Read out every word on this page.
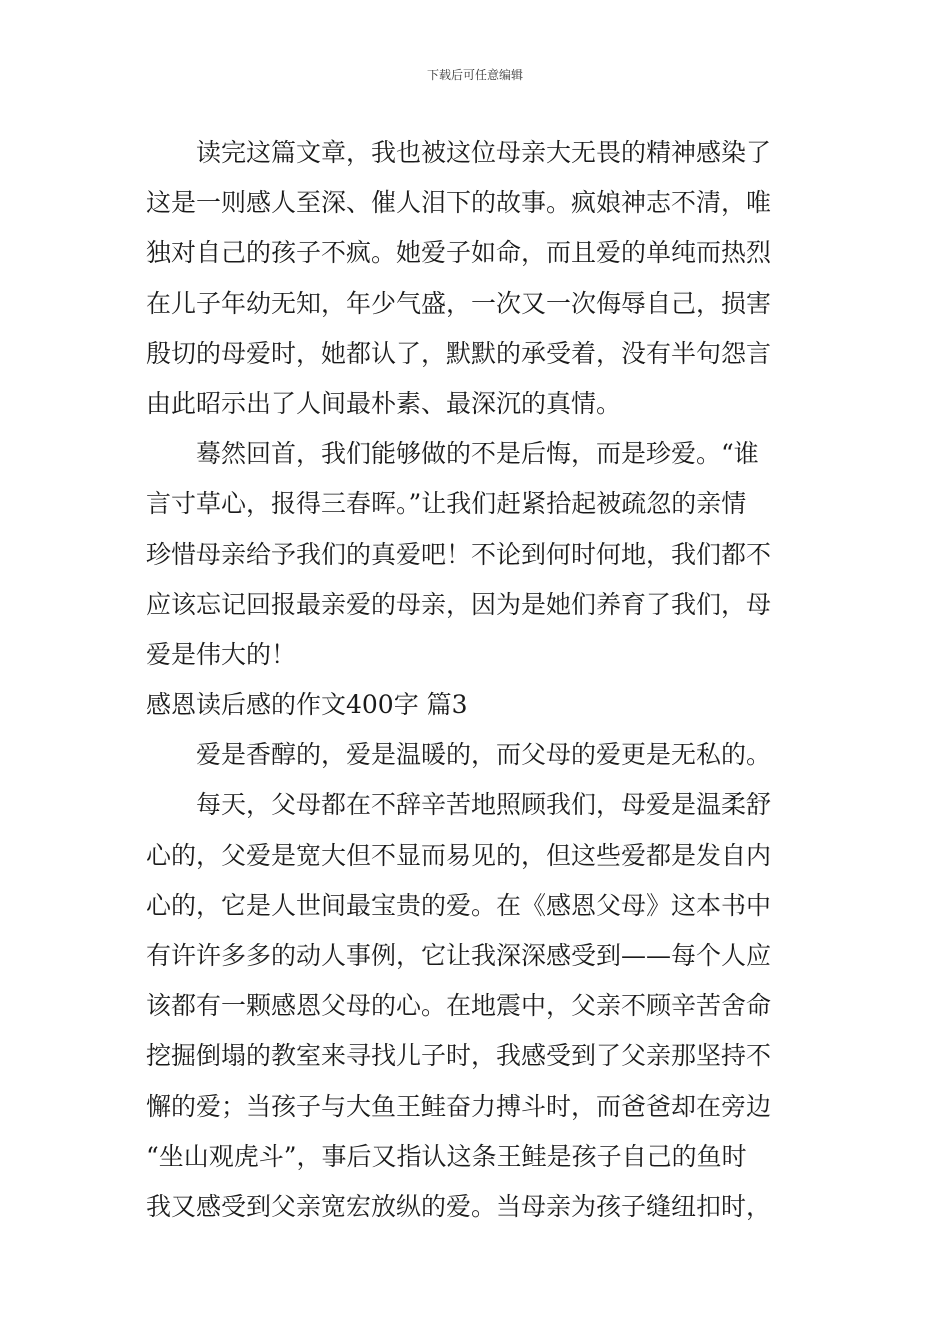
下载后可任意编辑
读完这篇文章，我也被这位母亲大无畏的精神感染了
这是一则感人至深、催人泪下的故事。疯娘神志不清，唯
独对自己的孩子不疯。她爱子如命，而且爱的单纯而热烈
在儿子年幼无知，年少气盛，一次又一次侮辱自己，损害
殷切的母爱时，她都认了，默默的承受着，没有半句怨言
由此昭示出了人间最朴素、最深沉的真情。
蓦然回首，我们能够做的不是后悔，而是珍爱。“谁
言寸草心，报得三春晖。”让我们赶紧拾起被疏忽的亲情
珍惜母亲给予我们的真爱吧！不论到何时何地，我们都不
应该忘记回报最亲爱的母亲，因为是她们养育了我们，母
爱是伟大的！
感恩读后感的作文400字 篇3
爱是香醇的，爱是温暖的，而父母的爱更是无私的。
每天，父母都在不辞辛苦地照顾我们，母爱是温柔舒
心的，父爱是宽大但不显而易见的，但这些爱都是发自内
心的，它是人世间最宝贵的爱。在《感恩父母》这本书中
有许许多多的动人事例，它让我深深感受到——每个人应
该都有一颗感恩父母的心。在地震中，父亲不顾辛苦舍命
挖掘倒塌的教室来寻找儿子时，我感受到了父亲那坚持不
懈的爱；当孩子与大鱼王鲑奋力搏斗时，而爸爸却在旁边
“坐山观虎斗”，事后又指认这条王鲑是孩子自己的鱼时
我又感受到父亲宽宏放纵的爱。当母亲为孩子缝纽扣时，
